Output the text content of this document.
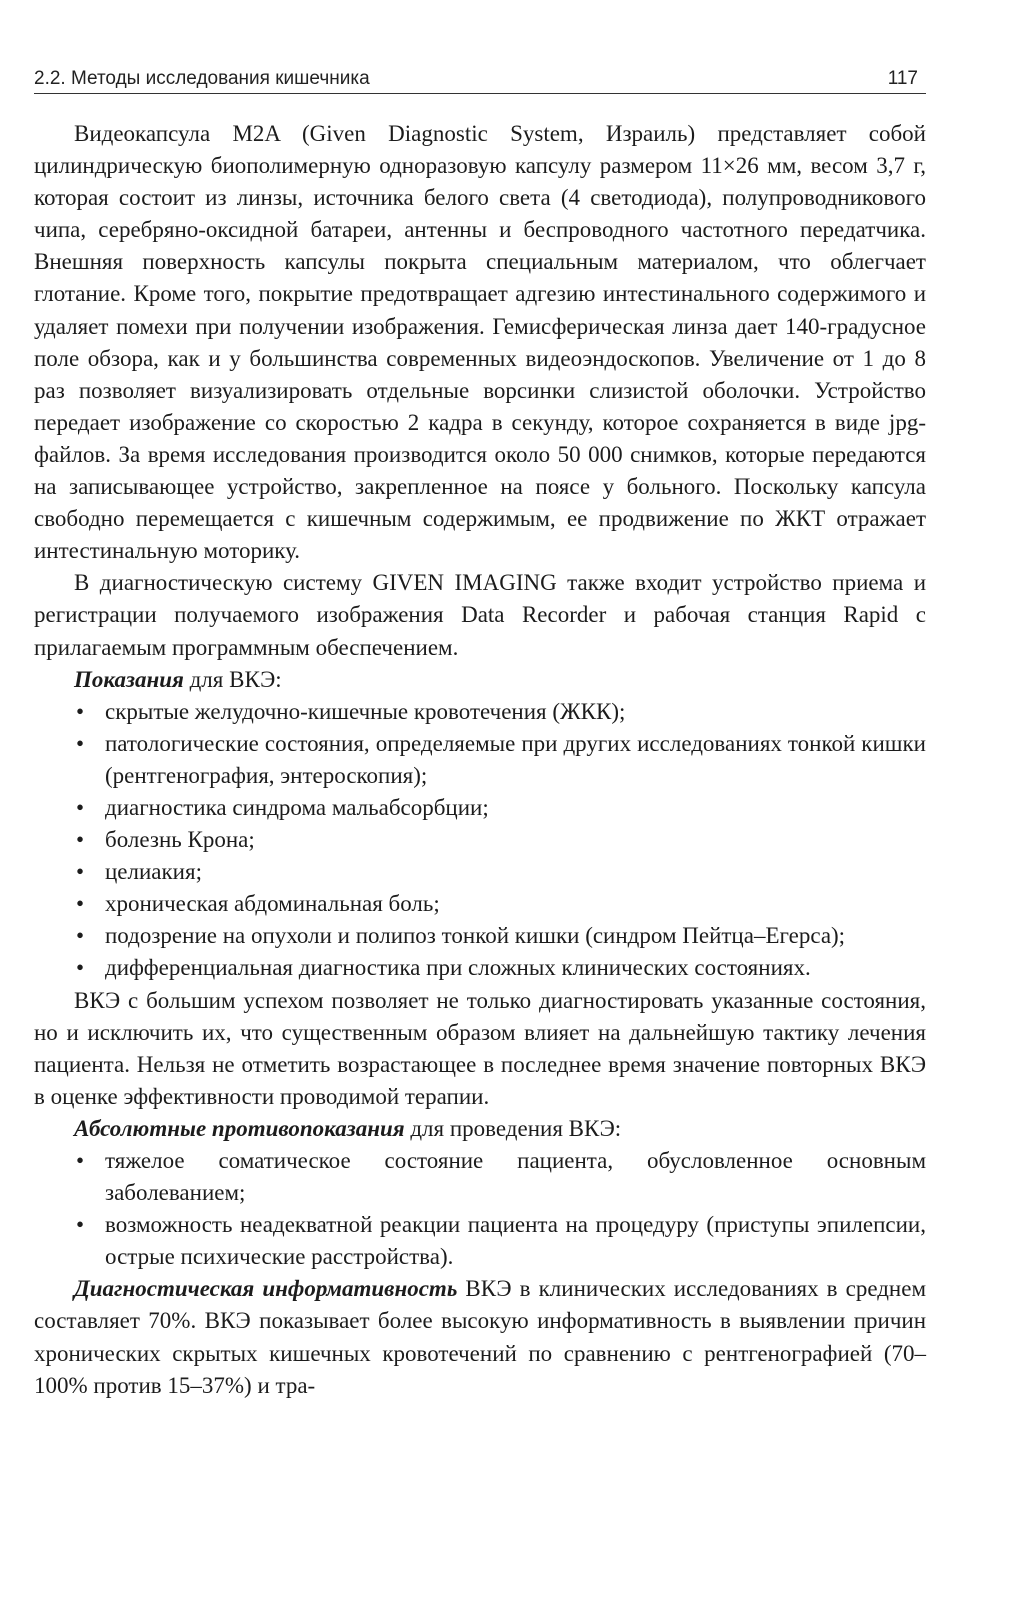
2.2. Методы исследования кишечника	117

Видеокапсула M2A (Given Diagnostic System, Израиль) представляет собой цилиндрическую биополимерную одноразовую капсулу размером 11×26 мм, весом 3,7 г, которая состоит из линзы, источника белого света (4 светодиода), полупроводникового чипа, серебряно-оксидной батареи, антенны и беспроводного частотного передатчика. Внешняя поверхность капсулы покрыта специальным материалом, что облегчает глотание. Кроме того, покрытие предотвращает адгезию интестинального содержимого и удаляет помехи при получении изображения. Гемисферическая линза дает 140-градусное поле обзора, как и у большинства современных видеоэндоскопов. Увеличение от 1 до 8 раз позволяет визуализировать отдельные ворсинки слизистой оболочки. Устройство передает изображение со скоростью 2 кадра в секунду, которое сохраняется в виде jpg-файлов. За время исследования производится около 50 000 снимков, которые передаются на записывающее устройство, закрепленное на поясе у больного. Поскольку капсула свободно перемещается с кишечным содержимым, ее продвижение по ЖКТ отражает интестинальную моторику.

В диагностическую систему GIVEN IMAGING также входит устройство приема и регистрации получаемого изображения Data Recorder и рабочая станция Rapid с прилагаемым программным обеспечением.

Показания для ВКЭ:

• скрытые желудочно-кишечные кровотечения (ЖКК);
• патологические состояния, определяемые при других исследованиях тонкой кишки (рентгенография, энтероскопия);
• диагностика синдрома мальабсорбции;
• болезнь Крона;
• целиакия;
• хроническая абдоминальная боль;
• подозрение на опухоли и полипоз тонкой кишки (синдром Пейтца–Егерса);
• дифференциальная диагностика при сложных клинических состояниях.

ВКЭ с большим успехом позволяет не только диагностировать указанные состояния, но и исключить их, что существенным образом влияет на дальнейшую тактику лечения пациента. Нельзя не отметить возрастающее в последнее время значение повторных ВКЭ в оценке эффективности проводимой терапии.

Абсолютные противопоказания для проведения ВКЭ:

• тяжелое соматическое состояние пациента, обусловленное основным заболеванием;
• возможность неадекватной реакции пациента на процедуру (приступы эпилепсии, острые психические расстройства).

Диагностическая информативность ВКЭ в клинических исследованиях в среднем составляет 70%. ВКЭ показывает более высокую информативность в выявлении причин хронических скрытых кишечных кровотечений по сравнению с рентгенографией (70–100% против 15–37%) и тра-
